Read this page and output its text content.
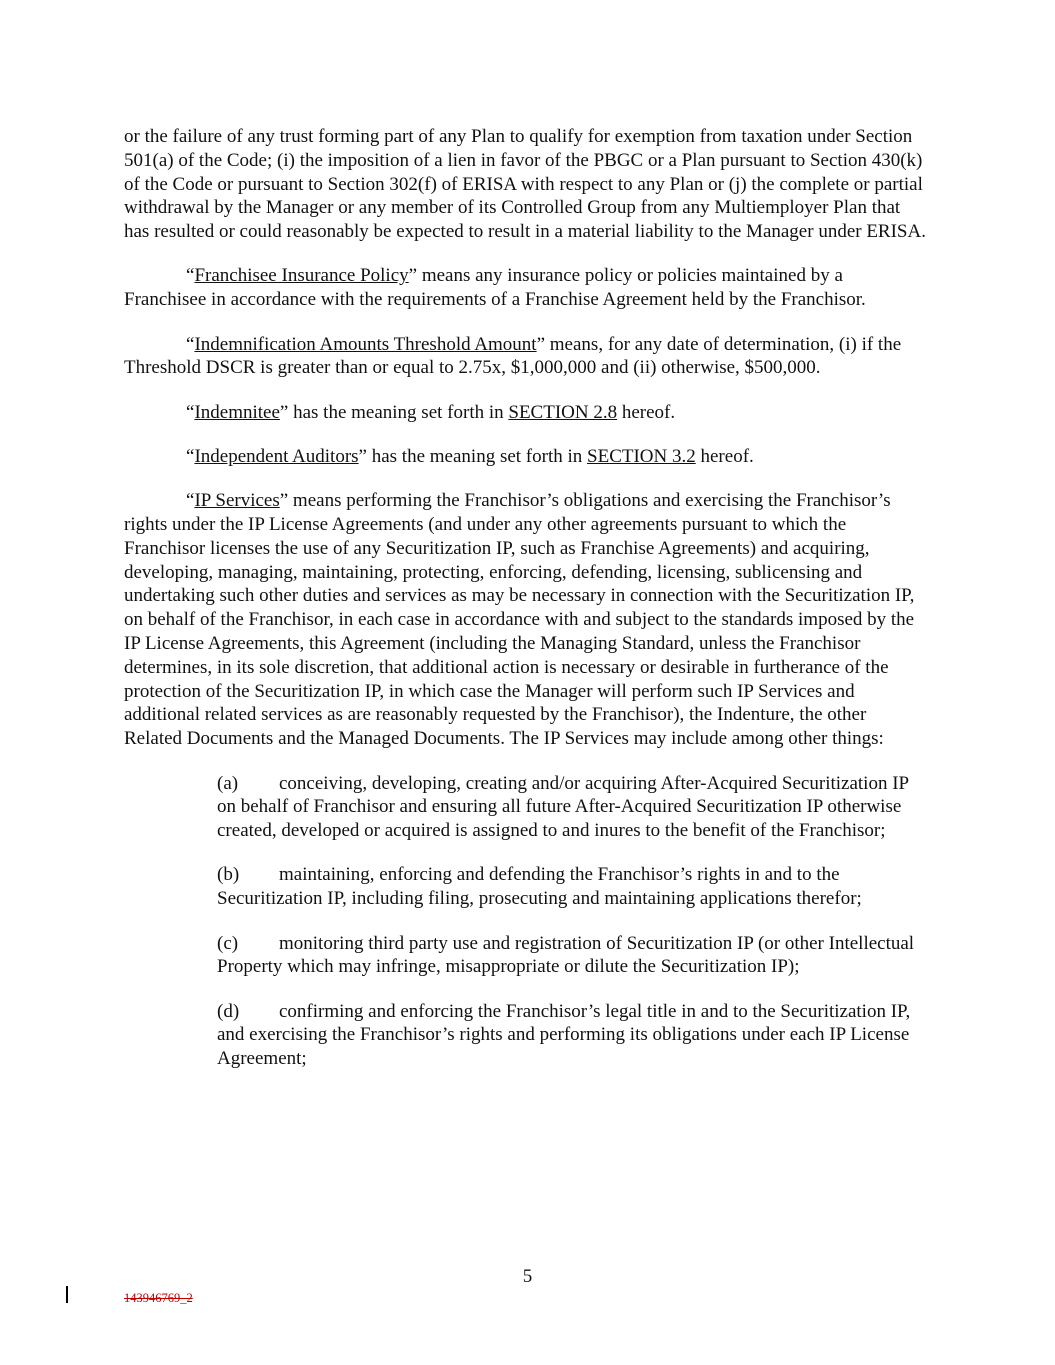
or the failure of any trust forming part of any Plan to qualify for exemption from taxation under Section 501(a) of the Code; (i) the imposition of a lien in favor of the PBGC or a Plan pursuant to Section 430(k) of the Code or pursuant to Section 302(f) of ERISA with respect to any Plan or (j) the complete or partial withdrawal by the Manager or any member of its Controlled Group from any Multiemployer Plan that has resulted or could reasonably be expected to result in a material liability to the Manager under ERISA.

“Franchisee Insurance Policy” means any insurance policy or policies maintained by a Franchisee in accordance with the requirements of a Franchise Agreement held by the Franchisor.

“Indemnification Amounts Threshold Amount” means, for any date of determination, (i) if the Threshold DSCR is greater than or equal to 2.75x, $1,000,000 and (ii) otherwise, $500,000.

“Indemnitee” has the meaning set forth in SECTION 2.8 hereof.

“Independent Auditors” has the meaning set forth in SECTION 3.2 hereof.

“IP Services” means performing the Franchisor’s obligations and exercising the Franchisor’s rights under the IP License Agreements (and under any other agreements pursuant to which the Franchisor licenses the use of any Securitization IP, such as Franchise Agreements) and acquiring, developing, managing, maintaining, protecting, enforcing, defending, licensing, sublicensing and undertaking such other duties and services as may be necessary in connection with the Securitization IP, on behalf of the Franchisor, in each case in accordance with and subject to the standards imposed by the IP License Agreements, this Agreement (including the Managing Standard, unless the Franchisor determines, in its sole discretion, that additional action is necessary or desirable in furtherance of the protection of the Securitization IP, in which case the Manager will perform such IP Services and additional related services as are reasonably requested by the Franchisor), the Indenture, the other Related Documents and the Managed Documents. The IP Services may include among other things:

(a) conceiving, developing, creating and/or acquiring After-Acquired Securitization IP on behalf of Franchisor and ensuring all future After-Acquired Securitization IP otherwise created, developed or acquired is assigned to and inures to the benefit of the Franchisor;

(b) maintaining, enforcing and defending the Franchisor’s rights in and to the Securitization IP, including filing, prosecuting and maintaining applications therefor;

(c) monitoring third party use and registration of Securitization IP (or other Intellectual Property which may infringe, misappropriate or dilute the Securitization IP);

(d) confirming and enforcing the Franchisor’s legal title in and to the Securitization IP, and exercising the Franchisor’s rights and performing its obligations under each IP License Agreement;

5
143946769_2
